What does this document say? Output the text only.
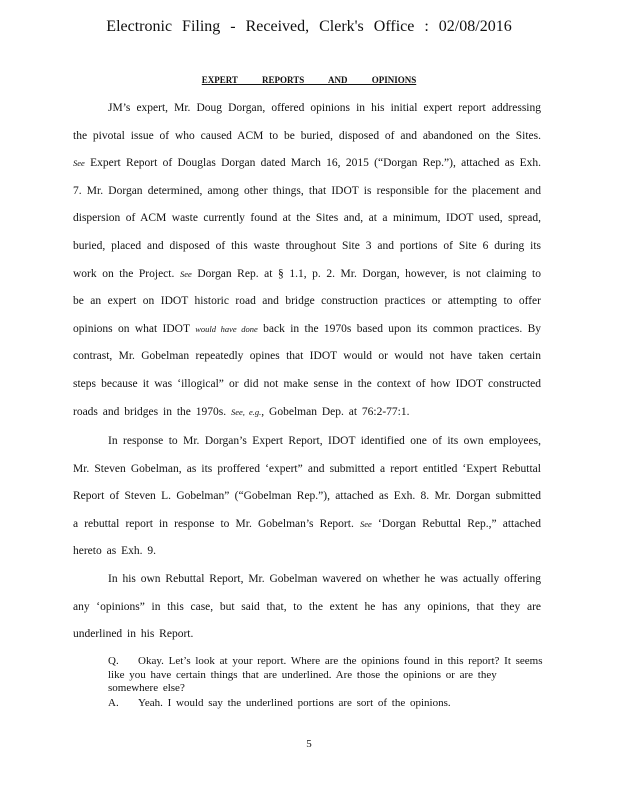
Electronic Filing - Received, Clerk's Office : 02/08/2016
EXPERT REPORTS AND OPINIONS
JM’s expert, Mr. Doug Dorgan, offered opinions in his initial expert report addressing the pivotal issue of who caused ACM to be buried, disposed of and abandoned on the Sites. See Expert Report of Douglas Dorgan dated March 16, 2015 (“Dorgan Rep.”), attached as Exh. 7. Mr. Dorgan determined, among other things, that IDOT is responsible for the placement and dispersion of ACM waste currently found at the Sites and, at a minimum, IDOT used, spread, buried, placed and disposed of this waste throughout Site 3 and portions of Site 6 during its work on the Project. See Dorgan Rep. at § 1.1, p. 2. Mr. Dorgan, however, is not claiming to be an expert on IDOT historic road and bridge construction practices or attempting to offer opinions on what IDOT would have done back in the 1970s based upon its common practices. By contrast, Mr. Gobelman repeatedly opines that IDOT would or would not have taken certain steps because it was ‘illogical” or did not make sense in the context of how IDOT constructed roads and bridges in the 1970s. See, e.g., Gobelman Dep. at 76:2-77:1.
In response to Mr. Dorgan’s Expert Report, IDOT identified one of its own employees, Mr. Steven Gobelman, as its proffered ‘expert” and submitted a report entitled ‘Expert Rebuttal Report of Steven L. Gobelman” (“Gobelman Rep.”), attached as Exh. 8. Mr. Dorgan submitted a rebuttal report in response to Mr. Gobelman’s Report. See ‘Dorgan Rebuttal Rep.,” attached hereto as Exh. 9.
In his own Rebuttal Report, Mr. Gobelman wavered on whether he was actually offering any ‘opinions” in this case, but said that, to the extent he has any opinions, that they are underlined in his Report.
Q. Okay. Let’s look at your report. Where are the opinions found in this report? It seems like you have certain things that are underlined. Are those the opinions or are they somewhere else?
A. Yeah. I would say the underlined portions are sort of the opinions.
5
